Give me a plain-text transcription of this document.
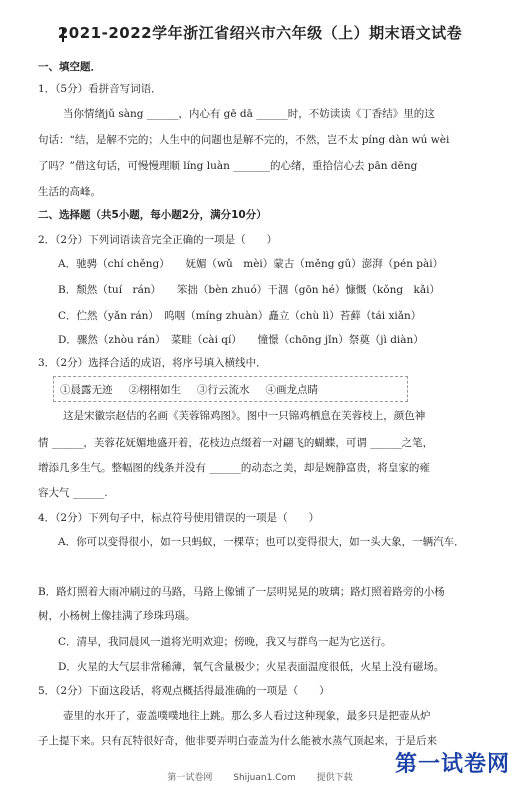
2021-2022学年浙江省绍兴市六年级（上）期末语文试卷
一、填空题．
1．（5分）看拼音写词语．
当你情绪jǔ sàng ______，内心有 gē dā ______时，不妨读读《丁香结》里的这
句话：“结，是解不完的；人生中的问题也是解不完的，不然，岂不太 píng dàn wú wèi
了吗？”借这句话，可慢慢理顺 líng luàn _______的心绪，重拾信心去 pān dēng
生活的高峰。
二、选择题（共5小题，每小题2分，满分10分）
2．（2分）下列词语读音完全正确的一项是（　　）
A．驰骋（chí chěng）　　妩媚（wǔ　mèi）蒙古（měng gǔ）澎湃（pén pài）
B．颓然（tuí　rán）　　笨拙（bèn zhuó）干涸（gōn hé）慷慨（kǒng　kǎi）
C．伫然（yǎn rán）　呜咽（míng zhuàn）矗立（chù lì）苔藓（tái xiǎn）
D．骤然（zhòu rán）　菜畦（cài qí）　　憧憬（chōng jǐn）祭奠（jì diàn）
3．（2分）选择合适的成语，将序号填入横线中．
①晨露无迹 ②栩栩如生 ③行云流水 ④画龙点睛
这是宋徽宗赵佶的名画《芙蓉锦鸡图》。图中一只锦鸡栖息在芙蓉枝上，颜色神
情 ______，芙蓉花妩媚地盛开着，花枝边点缀着一对翩飞的蝴蝶，可谓 ______之笔，
增添几多生气。整幅图的线条并没有 ______的动态之美，却是婉静富贵，将皇家的雍
容大气 ______.
4．（2分）下列句子中，标点符号使用错误的一项是（　　）
A．你可以变得很小，如一只蚂蚁，一棵草；也可以变得很大，如一头大象，一辆汽车．
B．路灯照着大雨冲刷过的马路，马路上像铺了一层明晃晃的玻璃；路灯照着路旁的小杨
树，小杨树上像挂满了珍珠玛瑙。
C．清早，我同晨风一道将光明欢迎；傍晚，我又与群鸟一起为它送行。
D．火星的大气层非常稀薄，氧气含量极少；火星表面温度很低，火星上没有磁场。
5．（2分）下面这段话，将观点概括得最准确的一项是（　　）
壶里的水开了，壶盖噗噗地往上跳。那么多人看过这种现象，最多只是把壶从炉
子上提下来。只有瓦特很好奇，他非要弄明白壶盖为什么能被水蒸气顶起来，于是后来
第一试卷网 Shijuan1.Com 提供下载
第一试卷网
